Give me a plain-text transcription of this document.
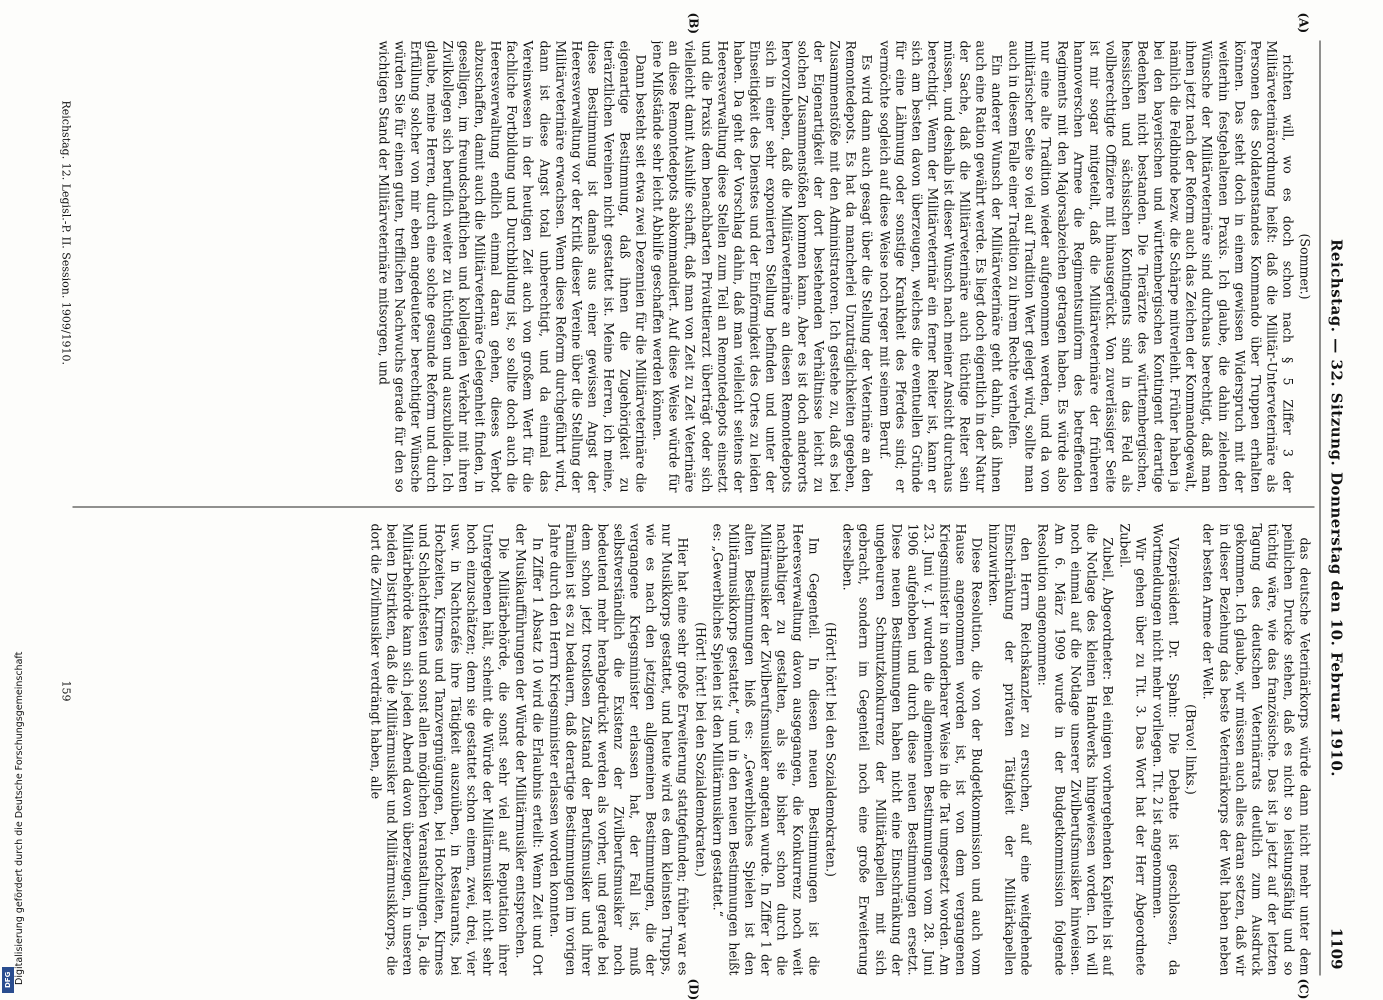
Reichstag. — 32. Sitzung. Donnerstag den 10. Februar 1910.
1109
(A)
(B)
(C)
(D)

(Sommer.)

richten will, wo es doch schon nach § 5 Ziffer 3 der Militärveterinärordnung heißt: daß die Militär-Unterveterinäre als Personen des Soldatenstandes Kommando über Truppen erhalten können. Das steht doch in einem gewissen Widerspruch mit der weiterhin festgehaltenen Praxis. Ich glaube, die dahin zielenden Wünsche der Militärveterinäre sind durchaus berechtigt, daß man ihnen jetzt nach der Reform auch das Zeichen der Kommandogewalt, nämlich die Feldbinde bezw. die Schärpe mitverleiht. Früher haben ja bei den bayerischen und württembergischen Kontingent derartige Bedenken nicht bestanden. Die Tierärzte des württembergischen, hessischen und sächsischen Kontingents sind in das Feld als vollberechtigte Offiziere mit hinausgerückt. Von zuverlässiger Seite ist mir sogar mitgeteilt, daß die Militärveterinäre der früheren hannoverschen Armee die Regimentsuniform des betreffenden Regiments mit den Majorsabzeichen getragen haben. Es würde also nur eine alte Tradition wieder aufgenommen werden, und da von militärischer Seite so viel auf Tradition Wert gelegt wird, sollte man auch in diesem Falle einer Tradition zu ihrem Rechte verhelfen.

Ein anderer Wunsch der Militärveterinäre geht dahin, daß ihnen auch eine Ration gewährt werde. Es liegt doch eigentlich in der Natur der Sache, daß die Militärveterinäre auch tüchtige Reiter sein müssen, und deshalb ist dieser Wunsch nach meiner Ansicht durchaus berechtigt. Wenn der Militärveterinär ein ferner Reiter ist, kann er sich am besten davon überzeugen, welches die eventuellen Gründe für eine Lähmung oder sonstige Krankheit des Pferdes sind; er vermöchte sogleich auf diese Weise noch reger mit seinem Beruf.

Es wird dann auch gesagt über die Stellung der Veterinäre an den Remontedepots. Es hat da mancherlei Unzuträglichkeiten gegeben, Zusammenstöße mit den Administratoren. Ich gestehe zu, daß es bei der Eigenartigkeit der dort bestehenden Verhältnisse leicht zu solchen Zusammenstößen kommen kann. Aber es ist doch anderorts hervorzuheben, daß die Militärveterinäre an diesen Remontedepots sich in einer sehr exponierten Stellung befinden und unter der Einseitigkeit des Dienstes und der Einförmigkeit des Ortes zu leiden haben. Da geht der Vorschlag dahin, daß man vielleicht seitens der Heeresverwaltung diese Stellen zum Teil an Remontedepots einsetzt und die Praxis dem benachbarten Privattierarzt überträgt oder sich vielleicht damit Aushilfe schafft, daß man von Zeit zu Zeit Veterinäre an diese Remontedepots abkommandiert. Auf diese Weise würde für jene Mißstände sehr leicht Abhilfe geschaffen werden können.

Dann besteht seit etwa zwei Dezennien für die Militärveterinäre die eigenartige Bestimmung, daß ihnen die Zugehörigkeit zu tierärztlichen Vereinen nicht gestattet ist. Meine Herren, ich meine, diese Bestimmung ist damals aus einer gewissen Angst der Heeresverwaltung vor der Kritik dieser Vereine über die Stellung der Militärveterinäre erwachsen. Wenn diese Reform durchgeführt wird, dann ist diese Angst total unberechtigt, und da einmal das Vereinswesen in der heutigen Zeit auch von großem Wert für die fachliche Fortbildung und Durchbildung ist, so sollte doch auch die Heeresverwaltung endlich einmal daran gehen, dieses Verbot abzuschaffen, damit auch die Militärveterinäre Gelegenheit finden, in geselligen, im freundschaftlichen und kollegialen Verkehr mit ihren Zivilkollegen sich beruflich weiter zu tüchtigen und auszubilden. Ich glaube, meine Herren, durch eine solche gesunde Reform und durch Erfüllung solcher von mir eben angedeuteter berechtigter Wünsche würden Sie für einen guten, trefflichen Nachwuchs gerade für den so wichtigen Stand der Militärveterinäre mitsorgen, und

das deutsche Veterinärkorps würde dann nicht mehr unter dem peinlichen Drucke stehen, daß es nicht so leistungsfähig und so tüchtig wäre, wie das französische. Das ist ja jetzt auf der letzten Tagung des deutschen Veterinärrats deutlich zum Ausdruck gekommen. Ich glaube, wir müssen auch alles daran setzen, daß wir in dieser Beziehung das beste Veterinärkorps der Welt haben neben der besten Armee der Welt.

(Bravo! links.)

Vizepräsident Dr. Spahn: Die Debatte ist geschlossen, da Wortmeldungen nicht mehr vorliegen. Tit. 2 ist angenommen.

Wir gehen über zu Tit. 3. Das Wort hat der Herr Abgeordnete Zubeil.

Zubeil, Abgeordneter: Bei einigen vorhergehenden Kapiteln ist auf die Notlage des kleinen Handwerks hingewiesen worden. Ich will noch einmal auf die Notlage unserer Zivilberufsmusiker hinweisen. Am 6. März 1909 wurde in der Budgetkommission folgende Resolution angenommen:

den Herrn Reichskanzler zu ersuchen, auf eine weitgehende Einschränkung der privaten Tätigkeit der Militärkapellen hinzuwirken.

Diese Resolution, die von der Budgetkommission und auch vom Hause angenommen worden ist, ist von dem vergangenen Kriegsminister in sonderbarer Weise in die Tat umgesetzt worden. Am 23. Juni v. J. wurden die allgemeinen Bestimmungen vom 28. Juni 1906 aufgehoben und durch diese neuen Bestimmungen ersetzt. Diese neuen Bestimmungen haben nicht eine Einschränkung der ungeheuren Schmutzkonkurrenz der Militärkapellen mit sich gebracht, sondern im Gegenteil noch eine große Erweiterung derselben.

(Hört! hört! bei den Sozialdemokraten.)

Im Gegenteil. In diesen neuen Bestimmungen ist die Heeresverwaltung davon ausgegangen, die Konkurrenz noch weit nachhaltiger zu gestalten, als sie bisher schon durch die Militärmusiker der Zivilberufsmusiker angetan wurde. In Ziffer 1 der alten Bestimmungen hieß es: „Gewerbliches Spielen ist den Militärmusikkorps gestattet,“ und in den neuen Bestimmungen heißt es: „Gewerbliches Spielen ist den Militärmusikern gestattet.“

(Hört! hört! bei den Sozialdemokraten.)

Hier hat eine sehr große Erweiterung stattgefunden; früher war es nur Musikkorps gestattet, und heute wird es dem kleinsten Trupps, wie es nach den jetzigen allgemeinen Bestimmungen, die der vergangene Kriegsminister erlassen hat, der Fall ist, muß selbstverständlich die Existenz der Zivilberufsmusiker noch bedeutend mehr herabgedrückt werden als vorher, und gerade bei dem schon jetzt trostlosen Zustand der Berufsmusiker und ihrer Familien ist es zu bedauern, daß derartige Bestimmungen im vorigen Jahre durch den Herrn Kriegsminister erlassen worden konnten.

In Ziffer 1 Absatz 10 wird die Erlaubnis erteilt: Wenn Zeit und Ort der Musikaufführungen der Würde der Militärmusiker entsprechen.

Die Militärbehörde, die sonst sehr viel auf Reputation ihrer Untergebenen hält, scheint die Würde der Militärmusiker nicht sehr hoch einzuschätzen; denn sie gestattet schon einem, zwei, drei, vier usw. in Nachtcafés ihre Tätigkeit auszuüben, in Restaurants, bei Hochzeiten, Kirmes und Tanzvergnügungen, bei Hochzeiten, Kirmes und Schlachtfesten und sonst allen möglichen Veranstaltungen. Ja, die Militärbehörde kann sich jeden Abend davon überzeugen, in unseren beiden Distrikten, daß die Militärmusiker und Militärmusikkorps, die dort die Zivilmusiker verdrängt haben, alle

Reichstag. 12. Legisl.-P. II. Session. 1909/1910.
159
Digitalisierung gefördert durch die Deutsche Forschungsgemeinschaft
DFG
